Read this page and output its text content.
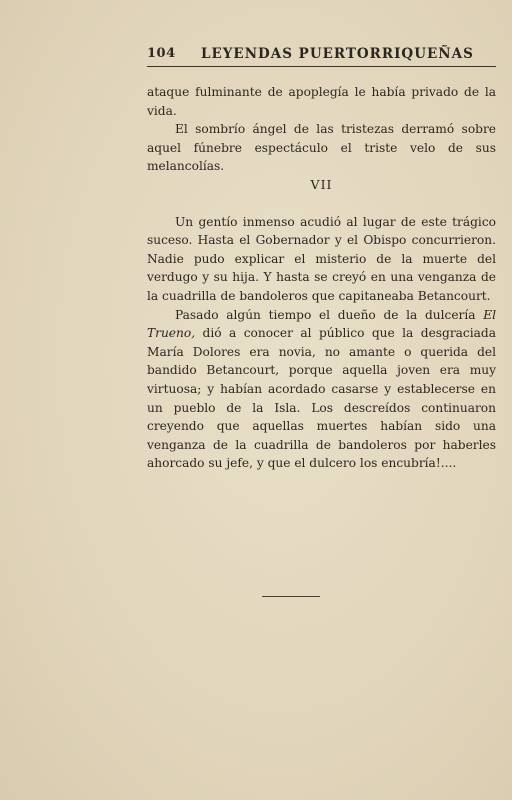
104 LEYENDAS PUERTORRIQUEÑAS

ataque fulminante de apoplegía le había privado de la vida.

El sombrío ángel de las tristezas derramó sobre aquel fúnebre espectáculo el triste velo de sus melancolías.

VII

Un gentío inmenso acudió al lugar de este trágico suceso. Hasta el Gobernador y el Obispo concurrieron. Nadie pudo explicar el misterio de la muerte del verdugo y su hija. Y hasta se creyó en una venganza de la cuadrilla de bandoleros que capitaneaba Betancourt.

Pasado algún tiempo el dueño de la dulcería El Trueno, dió a conocer al público que la desgraciada María Dolores era novia, no amante o querida del bandido Betancourt, porque aquella joven era muy virtuosa; y habían acordado casarse y establecerse en un pueblo de la Isla. Los descreídos continuaron creyendo que aquellas muertes habían sido una venganza de la cuadrilla de bandoleros por haberles ahorcado su jefe, y que el dulcero los encubría!....
